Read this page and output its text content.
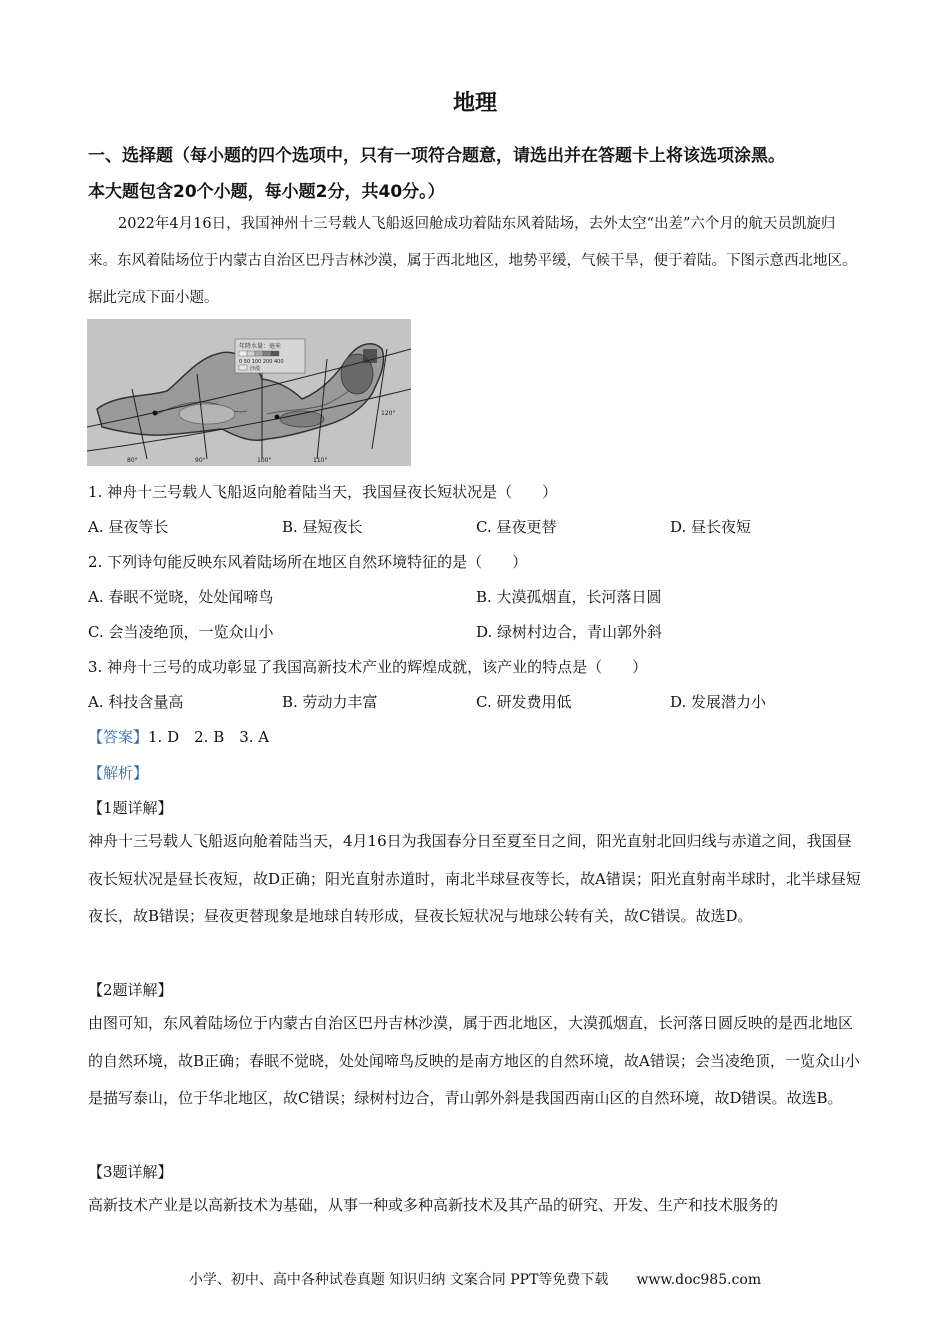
地理
一、选择题（每小题的四个选项中，只有一项符合题意，请选出并在答题卡上将该选项涂黑。
本大题包含20个小题，每小题2分，共40分。）
2022年4月16日，我国神州十三号载人飞船返回舱成功着陆东风着陆场，去外太空“出差”六个月的航天员凯旋归来。东风着陆场位于内蒙古自治区巴丹吉林沙漠，属于西北地区，地势平缓，气候干旱，便于着陆。下图示意西北地区。据此完成下面小题。
年降水量：毫米
0 50 100 200 400
沙漠
80°	90°	100°	110°
120°
1. 神舟十三号载人飞船返向舱着陆当天，我国昼夜长短状况是（　　）
A. 昼夜等长	B. 昼短夜长	C. 昼夜更替	D. 昼长夜短
2. 下列诗句能反映东风着陆场所在地区自然环境特征的是（　　）
A. 春眠不觉晓，处处闻啼鸟	B. 大漠孤烟直，长河落日圆
C. 会当凌绝顶，一览众山小	D. 绿树村边合，青山郭外斜
3. 神舟十三号的成功彰显了我国高新技术产业的辉煌成就，该产业的特点是（　　）
A. 科技含量高	B. 劳动力丰富	C. 研发费用低	D. 发展潜力小
【答案】1. D　2. B　3. A
【解析】
【1题详解】
神舟十三号载人飞船返向舱着陆当天，4月16日为我国春分日至夏至日之间，阳光直射北回归线与赤道之间，我国昼夜长短状况是昼长夜短，故D正确；阳光直射赤道时，南北半球昼夜等长，故A错误；阳光直射南半球时，北半球昼短夜长，故B错误；昼夜更替现象是地球自转形成，昼夜长短状况与地球公转有关，故C错误。故选D。
【2题详解】
由图可知，东风着陆场位于内蒙古自治区巴丹吉林沙漠，属于西北地区，大漠孤烟直，长河落日圆反映的是西北地区的自然环境，故B正确；春眠不觉晓，处处闻啼鸟反映的是南方地区的自然环境，故A错误；会当凌绝顶，一览众山小是描写泰山，位于华北地区，故C错误；绿树村边合，青山郭外斜是我国西南山区的自然环境，故D错误。故选B。
【3题详解】
高新技术产业是以高新技术为基础，从事一种或多种高新技术及其产品的研究、开发、生产和技术服务的
小学、初中、高中各种试卷真题 知识归纳 文案合同 PPT等免费下载　　www.doc985.com
